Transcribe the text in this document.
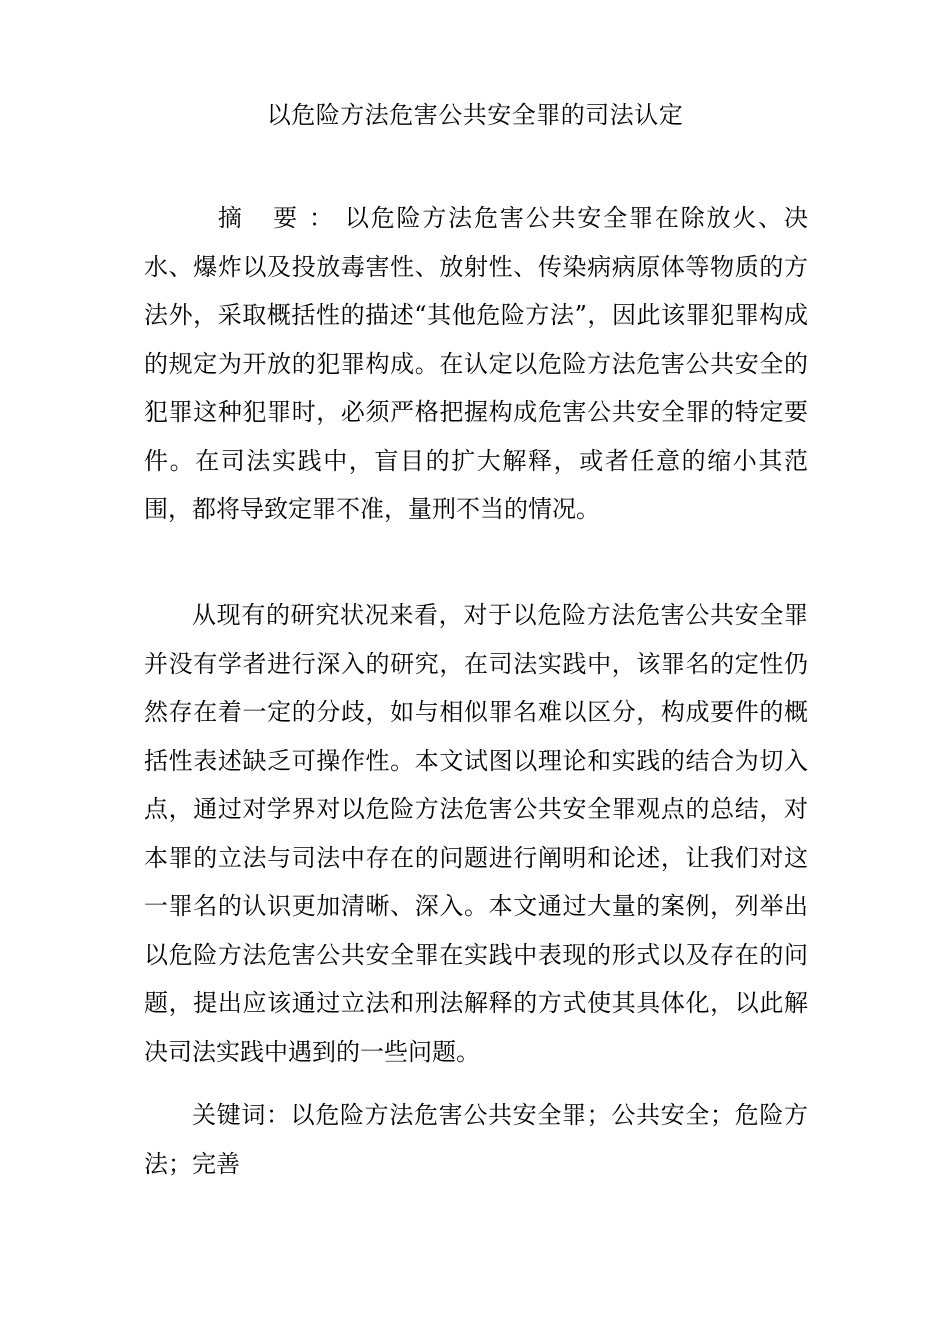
以危险方法危害公共安全罪的司法认定
摘 要：以危险方法危害公共安全罪在除放火、决水、爆炸以及投放毒害性、放射性、传染病病原体等物质的方法外，采取概括性的描述“其他危险方法”，因此该罪犯罪构成的规定为开放的犯罪构成。在认定以危险方法危害公共安全的犯罪这种犯罪时，必须严格把握构成危害公共安全罪的特定要件。在司法实践中，盲目的扩大解释，或者任意的缩小其范围，都将导致定罪不准，量刑不当的情况。
从现有的研究状况来看，对于以危险方法危害公共安全罪并没有学者进行深入的研究，在司法实践中，该罪名的定性仍然存在着一定的分歧，如与相似罪名难以区分，构成要件的概括性表述缺乏可操作性。本文试图以理论和实践的结合为切入点，通过对学界对以危险方法危害公共安全罪观点的总结，对本罪的立法与司法中存在的问题进行阐明和论述，让我们对这一罪名的认识更加清晰、深入。本文通过大量的案例，列举出以危险方法危害公共安全罪在实践中表现的形式以及存在的问题，提出应该通过立法和刑法解释的方式使其具体化，以此解决司法实践中遇到的一些问题。
关键词：以危险方法危害公共安全罪；公共安全；危险方法；完善
